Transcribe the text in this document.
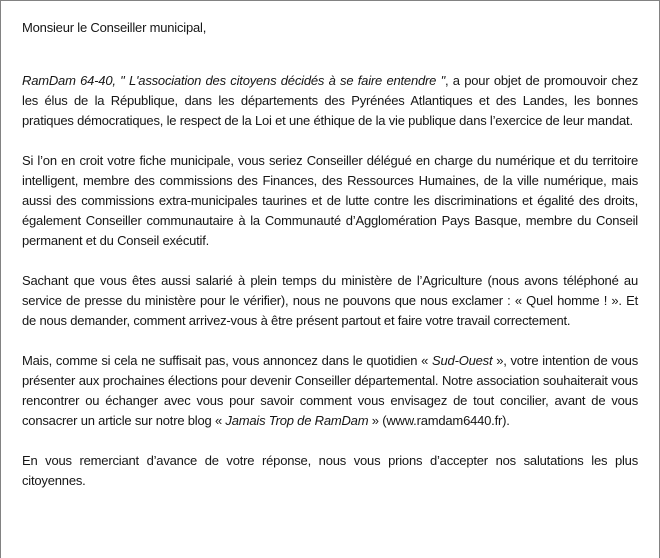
Monsieur le Conseiller municipal,

RamDam 64-40, " L'association des citoyens décidés à se faire entendre ", a pour objet de promouvoir chez les élus de la République, dans les départements des Pyrénées Atlantiques et des Landes, les bonnes pratiques démocratiques, le respect de la Loi et une éthique de la vie publique dans l’exercice de leur mandat.

Si l’on en croit votre fiche municipale, vous seriez Conseiller délégué en charge du numérique et du territoire intelligent, membre des commissions des Finances, des Ressources Humaines, de la ville numérique, mais aussi des commissions extra-municipales taurines et de lutte contre les discriminations et égalité des droits, également Conseiller communautaire à la Communauté d’Agglomération Pays Basque, membre du Conseil permanent et du Conseil exécutif.

Sachant que vous êtes aussi salarié à plein temps du ministère de l’Agriculture (nous avons téléphoné au service de presse du ministère pour le vérifier), nous ne pouvons que nous exclamer : « Quel homme ! ». Et de nous demander, comment arrivez-vous à être présent partout et faire votre travail correctement.

Mais, comme si cela ne suffisait pas, vous annoncez dans le quotidien « Sud-Ouest », votre intention de vous présenter aux prochaines élections pour devenir Conseiller départemental. Notre association souhaiterait vous rencontrer ou échanger avec vous pour savoir comment vous envisagez de tout concilier, avant de vous consacrer un article sur notre blog « Jamais Trop de RamDam » (www.ramdam6440.fr).

En vous remerciant d’avance de votre réponse, nous vous prions d’accepter nos salutations les plus citoyennes.
